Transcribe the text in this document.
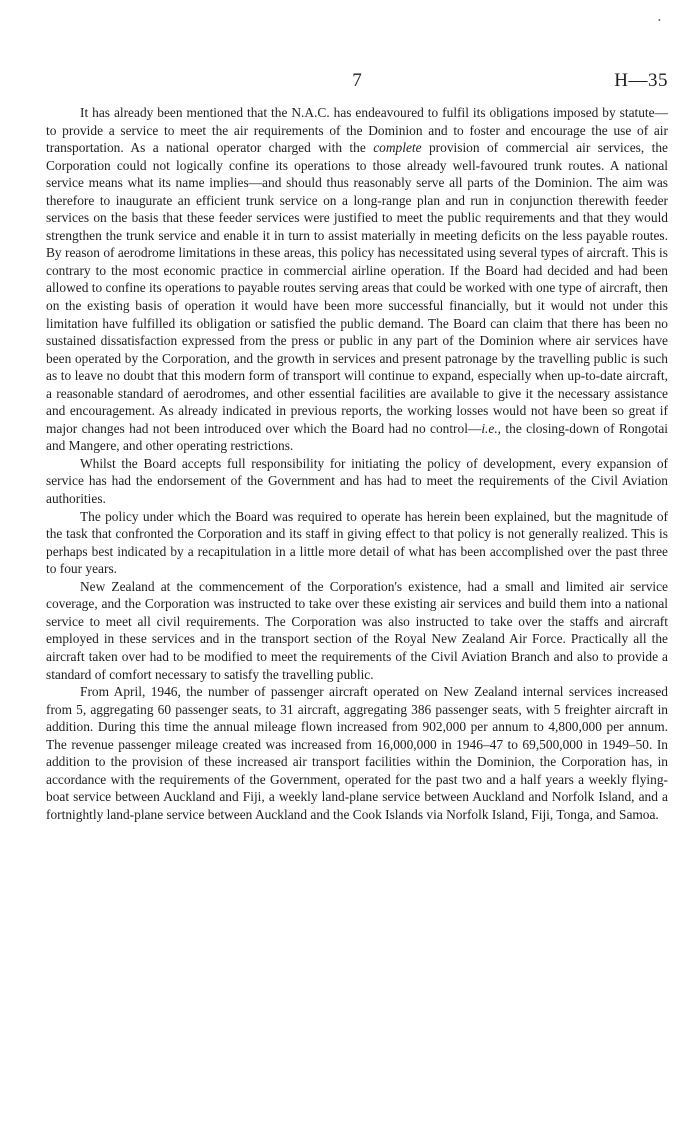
•
7	H—35

It has already been mentioned that the N.A.C. has endeavoured to fulfil its obligations imposed by statute—to provide a service to meet the air requirements of the Dominion and to foster and encourage the use of air transportation. As a national operator charged with the complete provision of commercial air services, the Corporation could not logically confine its operations to those already well-favoured trunk routes. A national service means what its name implies—and should thus reasonably serve all parts of the Dominion. The aim was therefore to inaugurate an efficient trunk service on a long-range plan and run in conjunction therewith feeder services on the basis that these feeder services were justified to meet the public requirements and that they would strengthen the trunk service and enable it in turn to assist materially in meeting deficits on the less payable routes. By reason of aerodrome limitations in these areas, this policy has necessitated using several types of aircraft. This is contrary to the most economic practice in commercial airline operation. If the Board had decided and had been allowed to confine its operations to payable routes serving areas that could be worked with one type of aircraft, then on the existing basis of operation it would have been more successful financially, but it would not under this limitation have fulfilled its obligation or satisfied the public demand. The Board can claim that there has been no sustained dissatisfaction expressed from the press or public in any part of the Dominion where air services have been operated by the Corporation, and the growth in services and present patronage by the travelling public is such as to leave no doubt that this modern form of transport will continue to expand, especially when up-to-date aircraft, a reasonable standard of aerodromes, and other essential facilities are available to give it the necessary assistance and encouragement. As already indicated in previous reports, the working losses would not have been so great if major changes had not been introduced over which the Board had no control—i.e., the closing-down of Rongotai and Mangere, and other operating restrictions.

Whilst the Board accepts full responsibility for initiating the policy of development, every expansion of service has had the endorsement of the Government and has had to meet the requirements of the Civil Aviation authorities.

The policy under which the Board was required to operate has herein been explained, but the magnitude of the task that confronted the Corporation and its staff in giving effect to that policy is not generally realized. This is perhaps best indicated by a recapitulation in a little more detail of what has been accomplished over the past three to four years.

New Zealand at the commencement of the Corporation's existence, had a small and limited air service coverage, and the Corporation was instructed to take over these existing air services and build them into a national service to meet all civil requirements. The Corporation was also instructed to take over the staffs and aircraft employed in these services and in the transport section of the Royal New Zealand Air Force. Practically all the aircraft taken over had to be modified to meet the requirements of the Civil Aviation Branch and also to provide a standard of comfort necessary to satisfy the travelling public.

From April, 1946, the number of passenger aircraft operated on New Zealand internal services increased from 5, aggregating 60 passenger seats, to 31 aircraft, aggregating 386 passenger seats, with 5 freighter aircraft in addition. During this time the annual mileage flown increased from 902,000 per annum to 4,800,000 per annum. The revenue passenger mileage created was increased from 16,000,000 in 1946–47 to 69,500,000 in 1949–50. In addition to the provision of these increased air transport facilities within the Dominion, the Corporation has, in accordance with the requirements of the Government, operated for the past two and a half years a weekly flying-boat service between Auckland and Fiji, a weekly land-plane service between Auckland and Norfolk Island, and a fortnightly land-plane service between Auckland and the Cook Islands via Norfolk Island, Fiji, Tonga, and Samoa.
